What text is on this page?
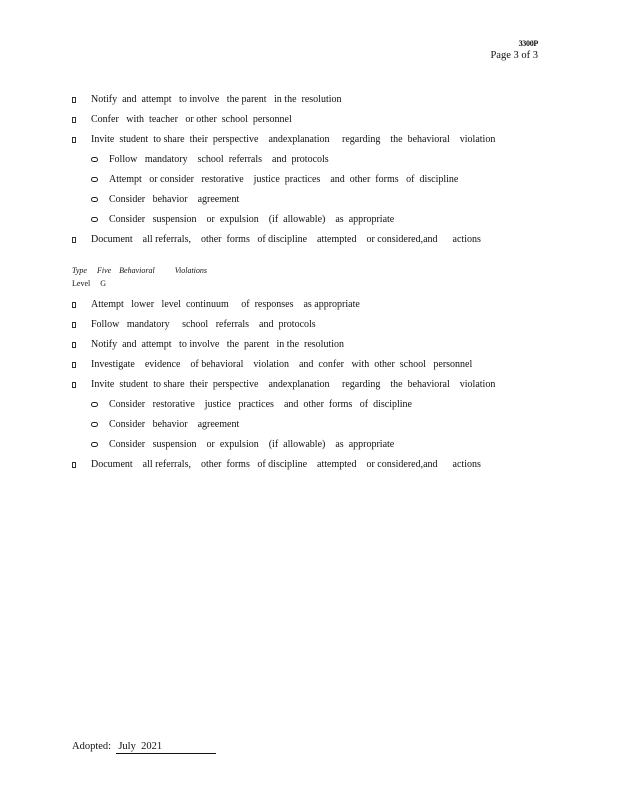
3300P
Page 3 of 3
Notify  and  attempt   to involve   the parent   in the  resolution
Confer   with  teacher   or other  school  personnel
Invite  student  to share  their  perspective    andexplanation     regarding    the  behavioral    violation
Follow   mandatory    school  referrals    and  protocols
Attempt   or consider   restorative    justice  practices    and  other  forms   of  discipline
Consider   behavior    agreement
Consider   suspension    or  expulsion    (if  allowable)    as  appropriate
Document    all referrals,    other  forms   of discipline    attempted    or considered,and      actions
Type     Five    Behavioral          Violations
Level     G
Attempt   lower   level  continuum     of  responses    as appropriate
Follow   mandatory     school   referrals    and  protocols
Notify  and  attempt   to involve   the  parent   in the  resolution
Investigate    evidence    of behavioral    violation    and  confer   with  other  school   personnel
Invite  student  to share  their  perspective    andexplanation     regarding    the  behavioral    violation
Consider   restorative    justice   practices    and  other  forms   of  discipline
Consider   behavior    agreement
Consider   suspension    or  expulsion    (if  allowable)    as  appropriate
Document    all referrals,    other  forms   of discipline    attempted    or considered,and      actions
Adopted: July  2021
